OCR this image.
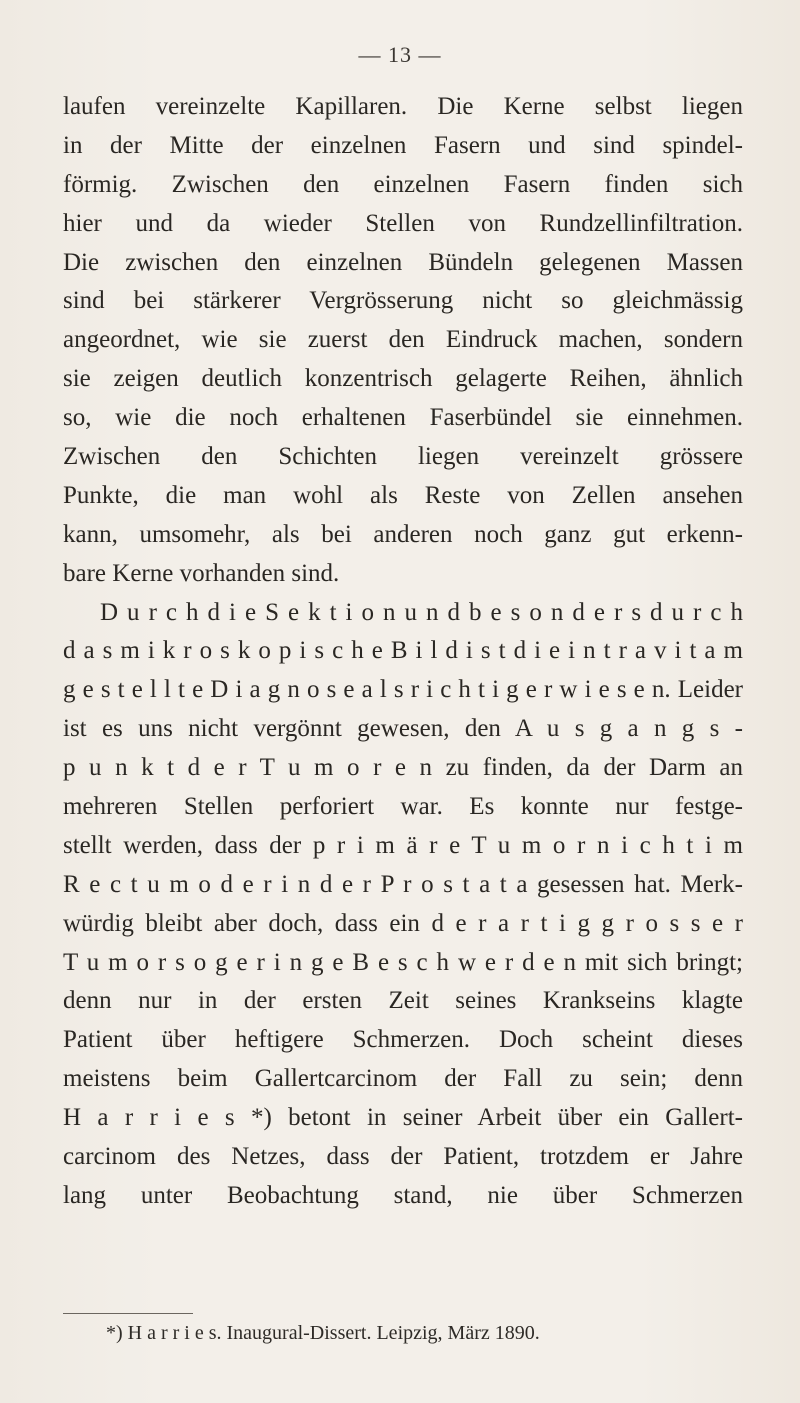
— 13 —
laufen vereinzelte Kapillaren. Die Kerne selbst liegen
in der Mitte der einzelnen Fasern und sind spindel-
förmig. Zwischen den einzelnen Fasern finden sich
hier und da wieder Stellen von Rundzellinfiltration.
Die zwischen den einzelnen Bündeln gelegenen Massen
sind bei stärkerer Vergrösserung nicht so gleichmässig
angeordnet, wie sie zuerst den Eindruck machen, sondern
sie zeigen deutlich konzentrisch gelagerte Reihen, ähnlich
so, wie die noch erhaltenen Faserbündel sie einnehmen.
Zwischen den Schichten liegen vereinzelt grössere
Punkte, die man wohl als Reste von Zellen ansehen
kann, umsomehr, als bei anderen noch ganz gut erkenn-
bare Kerne vorhanden sind.
D u r c h d i e S e k t i o n u n d b e s o n d e r s d u r c h
d a s m i k r o s k o p i s c h e B i l d i s t d i e i n t r a v i t a m
g e s t e l l t e D i a g n o s e a l s r i c h t i g e r w i e s e n. Leider
ist es uns nicht vergönnt gewesen, den A u s g a n g s -
p u n k t d e r T u m o r e n zu finden, da der Darm an
mehreren Stellen perforiert war. Es konnte nur festge-
stellt werden, dass der p r i m ä r e T u m o r n i c h t i m
R e c t u m o d e r i n d e r P r o s t a t a gesessen hat. Merk-
würdig bleibt aber doch, dass ein d e r a r t i g g r o s s e r
T u m o r s o g e r i n g e B e s c h w e r d e n mit sich bringt;
denn nur in der ersten Zeit seines Krankseins klagte
Patient über heftigere Schmerzen. Doch scheint dieses
meistens beim Gallertcarcinom der Fall zu sein; denn
H a r r i e s *) betont in seiner Arbeit über ein Gallert-
carcinom des Netzes, dass der Patient, trotzdem er Jahre
lang unter Beobachtung stand, nie über Schmerzen
*) H a r r i e s. Inaugural-Dissert. Leipzig, März 1890.
